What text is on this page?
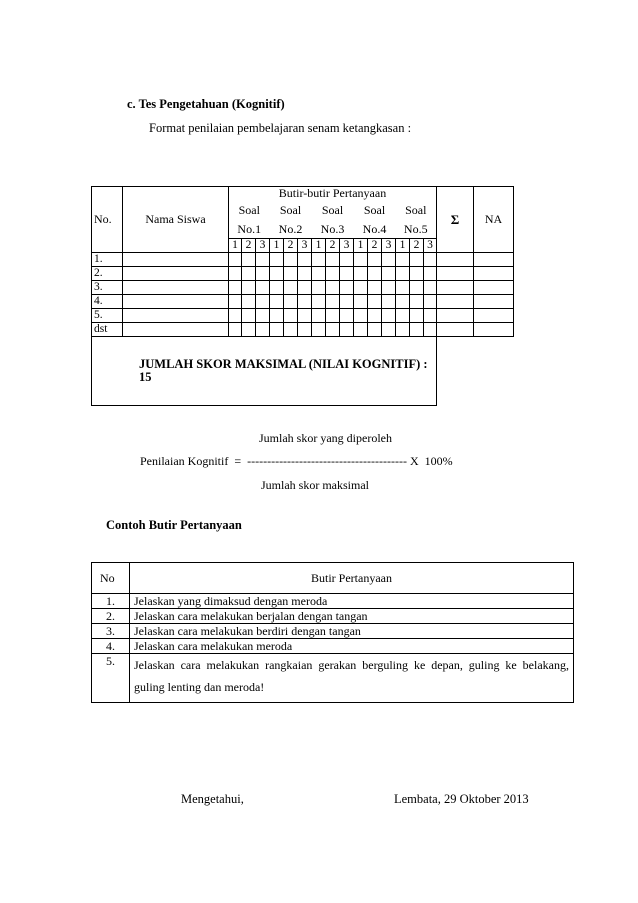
c. Tes Pengetahuan (Kognitif)
Format penilaian pembelajaran senam ketangkasan :
No.	Nama Siswa	Butir-butir Pertanyaan															Σ	NA
		Soal			Soal			Soal			Soal			Soal				
		No.1			No.2			No.3			No.4			No.5				
		1	2	3	1	2	3	1	2	3	1	2	3	1	2	3		
1.																		
2.																		
3.																		
4.																		
5.																		
dst																		
JUMLAH SKOR MAKSIMAL (NILAI KOGNITIF) : 15																		
Jumlah skor yang diperoleh
Penilaian Kognitif  =  ---------------------------------------- X  100%
Jumlah skor maksimal
Contoh Butir Pertanyaan
No	Butir Pertanyaan
1.	Jelaskan yang dimaksud dengan meroda
2.	Jelaskan cara melakukan berjalan dengan tangan
3.	Jelaskan cara melakukan berdiri dengan tangan
4.	Jelaskan cara melakukan meroda
5.	Jelaskan cara melakukan rangkaian gerakan berguling ke depan, guling ke belakang, guling lenting dan meroda!
Mengetahui,	Lembata, 29 Oktober 2013
